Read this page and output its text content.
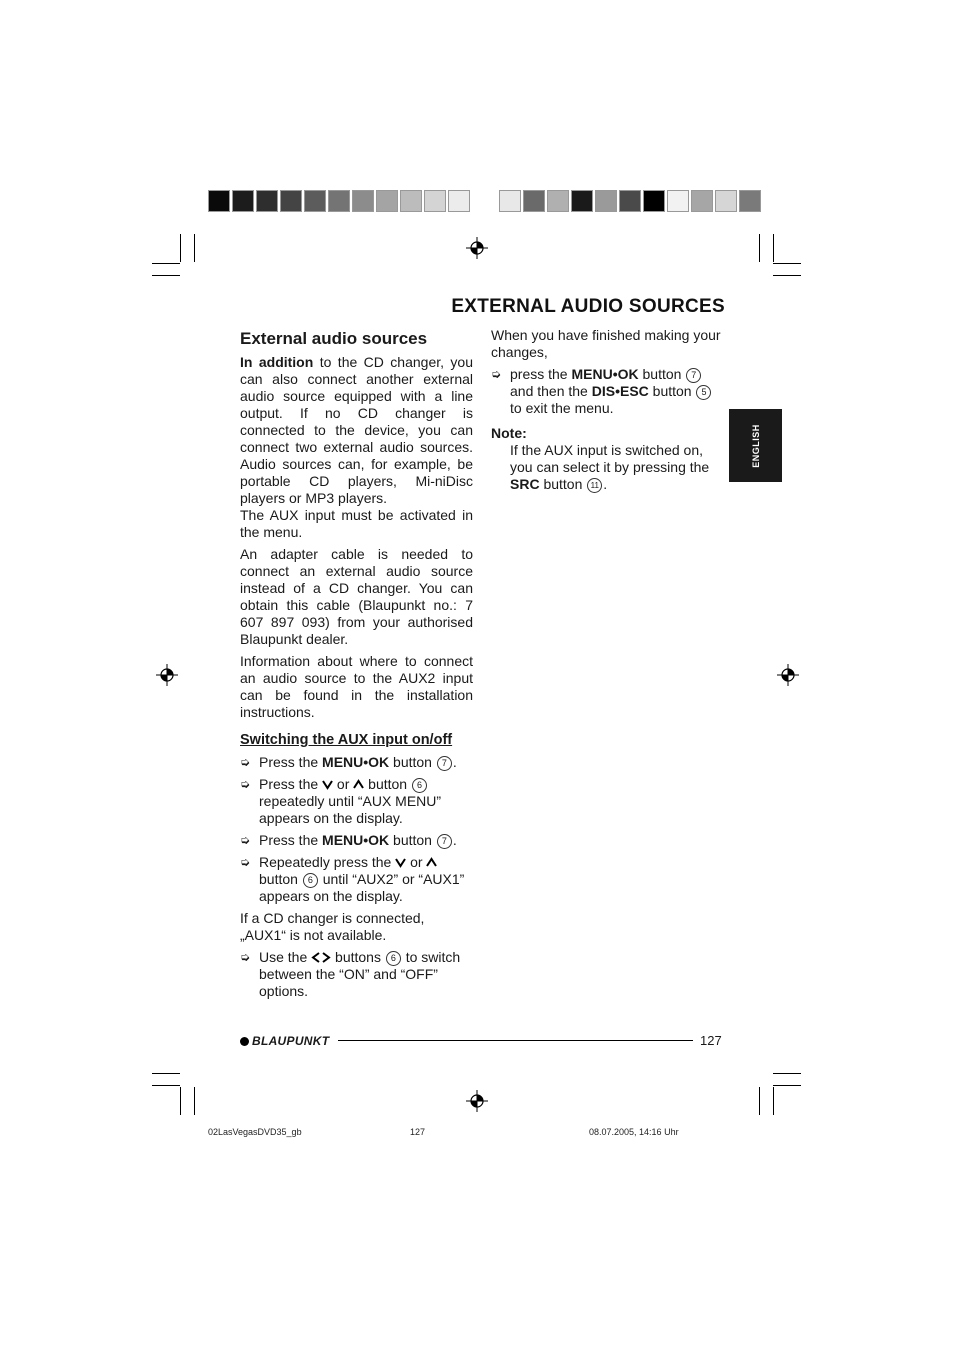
EXTERNAL AUDIO SOURCES
ENGLISH
External audio sources

In addition to the CD changer, you can also connect another external audio source equipped with a line output. If no CD changer is connected to the device, you can connect two external audio sources. Audio sources can, for example, be portable CD players, Mi-niDisc players or MP3 players.
The AUX input must be activated in the menu.

An adapter cable is needed to connect an external audio source instead of a CD changer. You can obtain this cable (Blaupunkt no.: 7 607 897 093) from your authorised Blaupunkt dealer.

Information about where to connect an audio source to the AUX2 input can be found in the installation instructions.

Switching the AUX input on/off
➭ Press the MENU•OK button 7 .
➭ Press the  or  button 6 repeatedly until “AUX MENU” appears on the display.
➭ Press the MENU•OK button 7 .
➭ Repeatedly press the  or  button 6 until “AUX2” or “AUX1” appears on the display.

If a CD changer is connected, „AUX1“ is not available.

➭ Use the  buttons 6 to switch between the “ON” and “OFF” options.

When you have finished making your changes,

➭ press the MENU•OK button 7 and then the DIS•ESC button 5 to exit the menu.

Note:

If the AUX input is switched on, you can select it by pressing the SRC button 11 .

BLAUPUNKT	127
02LasVegasDVD35_gb	127	08.07.2005, 14:16 Uhr
